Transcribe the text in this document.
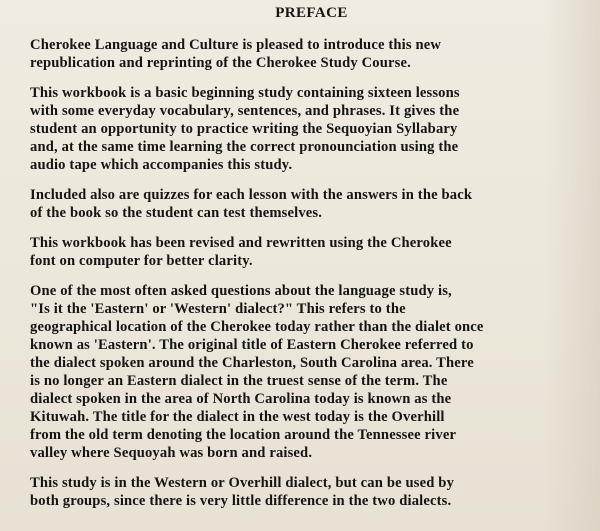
PREFACE
Cherokee Language and Culture is pleased to introduce this new
republication and reprinting of the Cherokee Study Course.
This workbook is a basic beginning study containing sixteen lessons
with some everyday vocabulary, sentences, and phrases. It gives the
student an opportunity to practice writing the Sequoyian Syllabary
and, at the same time learning the correct pronounciation using the
audio tape which accompanies this study.
Included also are quizzes for each lesson with the answers in the back
of the book so the student can test themselves.
This workbook has been revised and rewritten using the Cherokee
font on computer for better clarity.
One of the most often asked questions about the language study is,
"Is it the 'Eastern' or 'Western' dialect?" This refers to the
geographical location of the Cherokee today rather than the dialet once
known as 'Eastern'. The original title of Eastern Cherokee referred to
the dialect spoken around the Charleston, South Carolina area. There
is no longer an Eastern dialect in the truest sense of the term. The
dialect spoken in the area of North Carolina today is known as the
Kituwah. The title for the dialect in the west today is the Overhill
from the old term denoting the location around the Tennessee river
valley where Sequoyah was born and raised.
This study is in the Western or Overhill dialect, but can be used by
both groups, since there is very little difference in the two dialects.
